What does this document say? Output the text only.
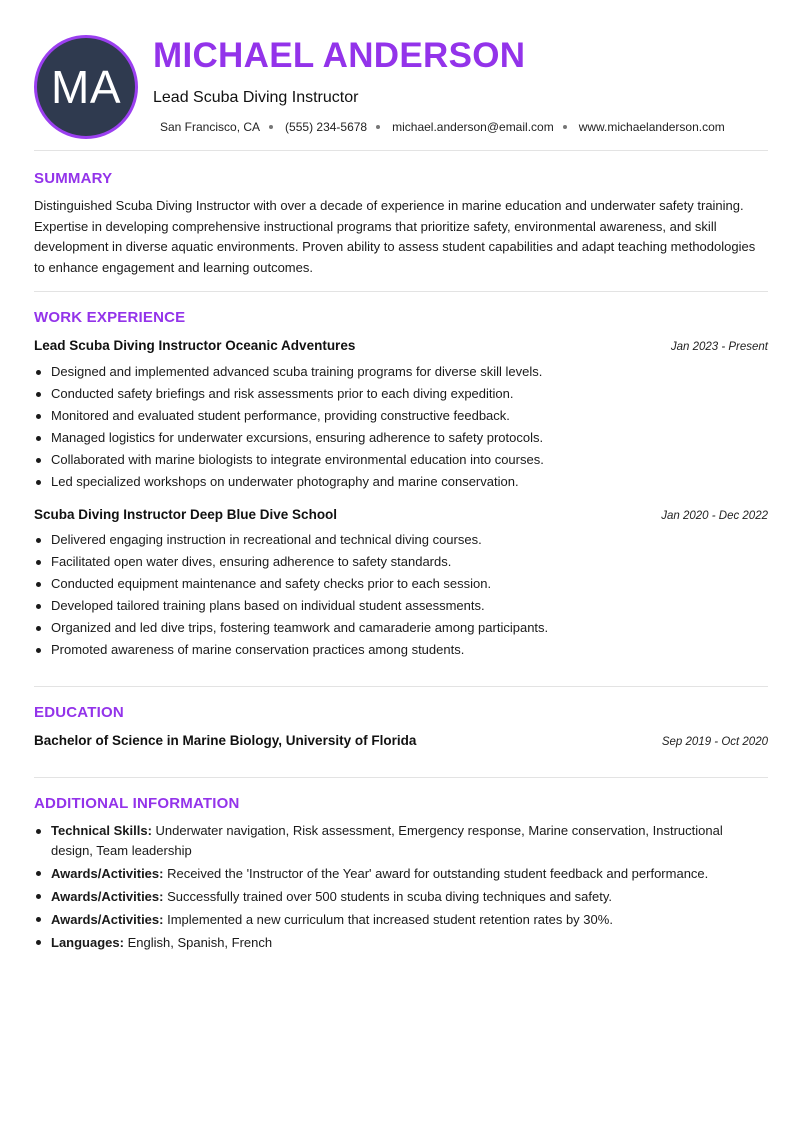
MA
MICHAEL ANDERSON
Lead Scuba Diving Instructor
San Francisco, CA (555) 234-5678 michael.anderson@email.com www.michaelanderson.com
SUMMARY

Distinguished Scuba Diving Instructor with over a decade of experience in marine education and underwater safety training. Expertise in developing comprehensive instructional programs that prioritize safety, environmental awareness, and skill development in diverse aquatic environments. Proven ability to assess student capabilities and adapt teaching methodologies to enhance engagement and learning outcomes.

WORK EXPERIENCE
Lead Scuba Diving Instructor Oceanic Adventures	Jan 2023 - Present
Designed and implemented advanced scuba training programs for diverse skill levels.
Conducted safety briefings and risk assessments prior to each diving expedition.
Monitored and evaluated student performance, providing constructive feedback.
Managed logistics for underwater excursions, ensuring adherence to safety protocols.
Collaborated with marine biologists to integrate environmental education into courses.
Led specialized workshops on underwater photography and marine conservation.
Scuba Diving Instructor Deep Blue Dive School	Jan 2020 - Dec 2022
Delivered engaging instruction in recreational and technical diving courses.
Facilitated open water dives, ensuring adherence to safety standards.
Conducted equipment maintenance and safety checks prior to each session.
Developed tailored training plans based on individual student assessments.
Organized and led dive trips, fostering teamwork and camaraderie among participants.
Promoted awareness of marine conservation practices among students.
EDUCATION
Bachelor of Science in Marine Biology, University of Florida	Sep 2019 - Oct 2020
ADDITIONAL INFORMATION
Technical Skills: Underwater navigation, Risk assessment, Emergency response, Marine conservation, Instructional design, Team leadership
Awards/Activities: Received the 'Instructor of the Year' award for outstanding student feedback and performance.
Awards/Activities: Successfully trained over 500 students in scuba diving techniques and safety.
Awards/Activities: Implemented a new curriculum that increased student retention rates by 30%.
Languages: English, Spanish, French
